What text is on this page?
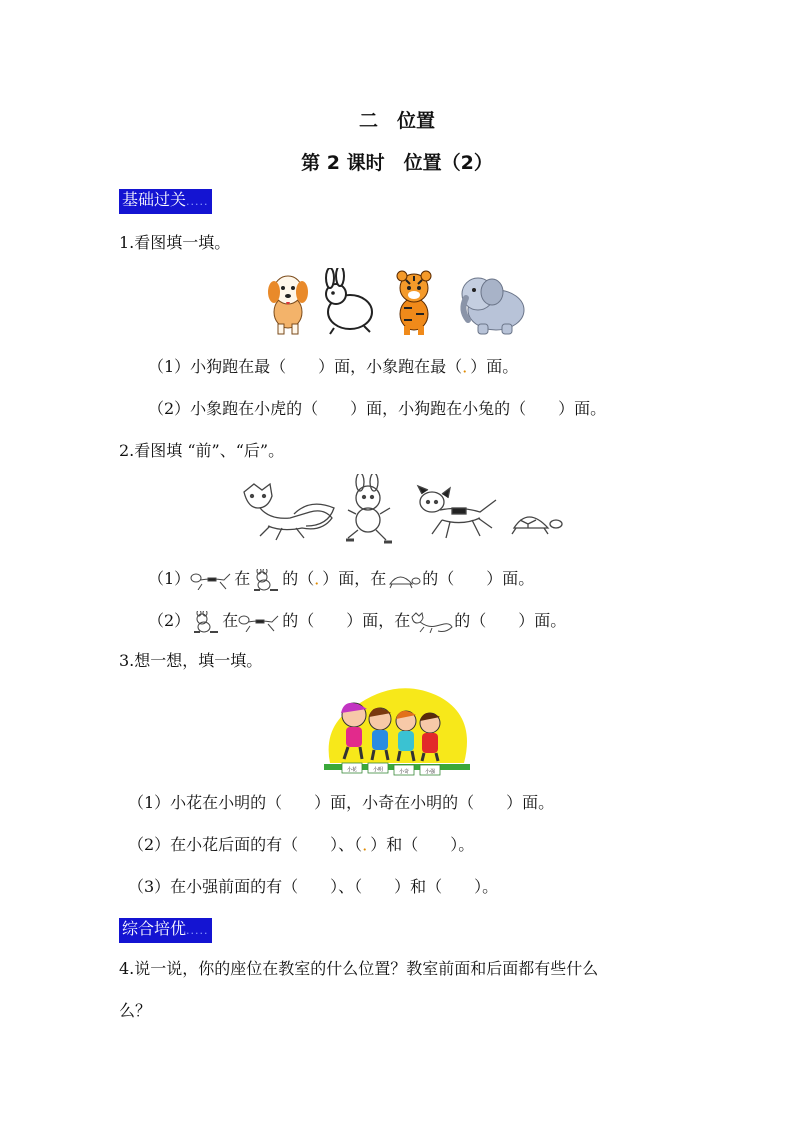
二　位置
第 2 课时　位置（2）
基础过关.....
1.看图填一填。
（1）小狗跑在最（　　）面，小象跑在最（．）面。
（2）小象跑在小虎的（　　）面，小狗跑在小兔的（　　）面。
2.看图填 “前”、“后”。
（1）	在 的（．）面，在 的（　　）面。
（2） 在	的（　　）面，在	的（　　）面。
3.想一想，填一填。
小花	小明	小奇	小强
（1）小花在小明的（　　）面，小奇在小明的（　　）面。
（2）在小花后面的有（　　）、（．）和（　　）。
（3）在小强前面的有（　　）、（　　）和（　　）。
综合培优.....
4.说一说，你的座位在教室的什么位置？教室前面和后面都有些什么
么？
